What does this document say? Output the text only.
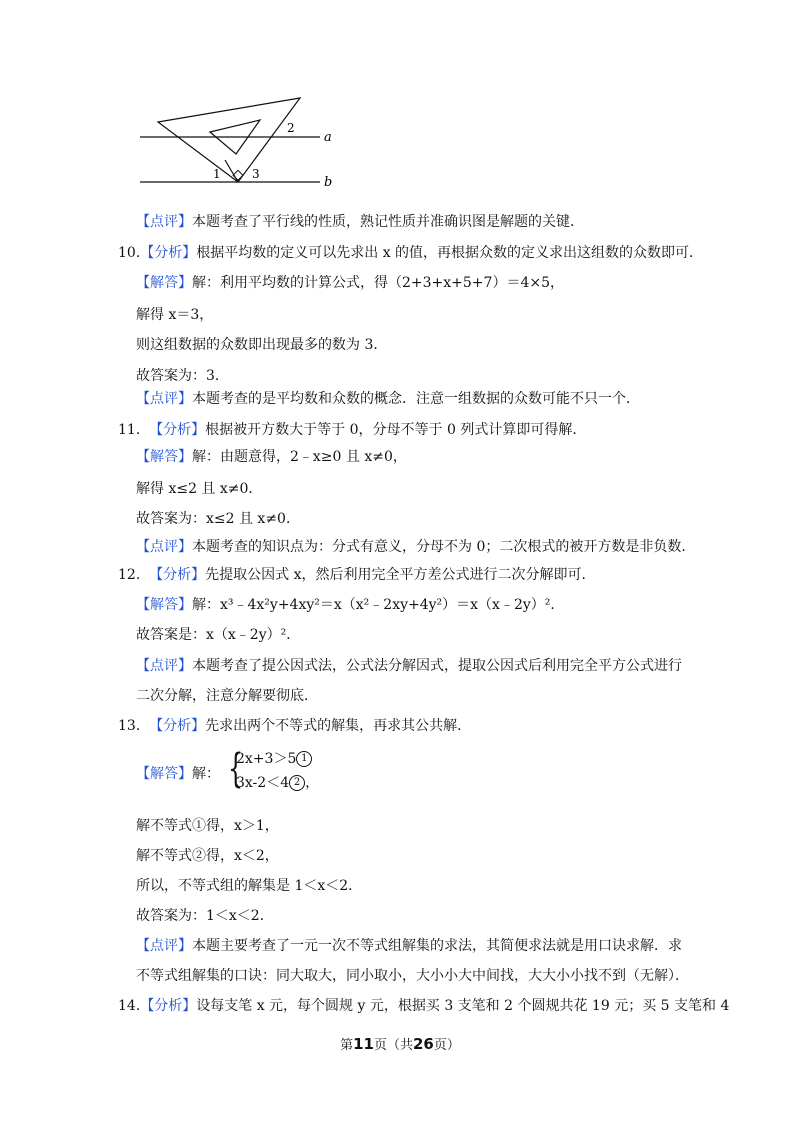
a
b
1
2
3
【点评】本题考查了平行线的性质，熟记性质并准确识图是解题的关键．
10.【分析】根据平均数的定义可以先求出 x 的值，再根据众数的定义求出这组数的众数即可．
【解答】解：利用平均数的计算公式，得（2+3+x+5+7）＝4×5，
解得 x＝3，
则这组数据的众数即出现最多的数为 3．
故答案为：3．
【点评】本题考查的是平均数和众数的概念．注意一组数据的众数可能不只一个．
11. 【分析】根据被开方数大于等于 0，分母不等于 0 列式计算即可得解．
【解答】解：由题意得，2﹣x≥0 且 x≠0，
解得 x≤2 且 x≠0．
故答案为：x≤2 且 x≠0．
【点评】本题考查的知识点为：分式有意义，分母不为 0；二次根式的被开方数是非负数．
12. 【分析】先提取公因式 x，然后利用完全平方差公式进行二次分解即可．
【解答】解：x³﹣4x²y+4xy²＝x（x²﹣2xy+4y²）＝x（x﹣2y）²．
故答案是：x（x﹣2y）²．
【点评】本题考查了提公因式法，公式法分解因式，提取公因式后利用完全平方公式进行
二次分解，注意分解要彻底．
13. 【分析】先求出两个不等式的解集，再求其公共解．
【解答】解： {
2x+3＞5 1
3x-2＜4 2 ，
解不等式①得，x＞1，
解不等式②得，x＜2，
所以，不等式组的解集是 1＜x＜2．
故答案为：1＜x＜2．
【点评】本题主要考查了一元一次不等式组解集的求法，其简便求法就是用口诀求解．求
不等式组解集的口诀：同大取大，同小取小，大小小大中间找，大大小小找不到（无解）．
14.【分析】设每支笔 x 元，每个圆规 y 元，根据买 3 支笔和 2 个圆规共花 19 元；买 5 支笔和 4
第11页（共26页）
